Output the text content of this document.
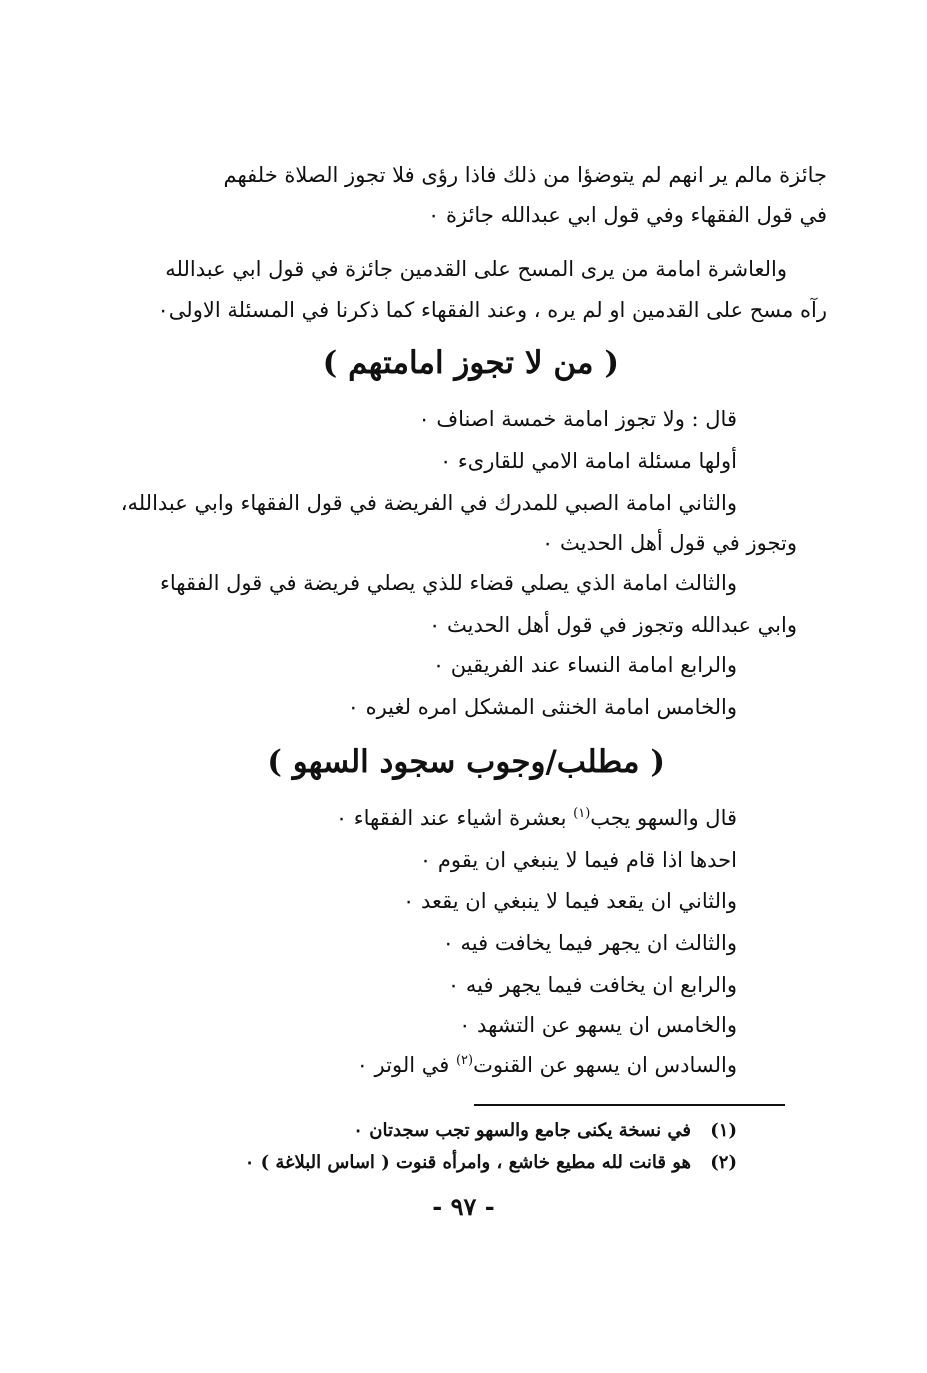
جائزة مالم ير انهم لم يتوضؤا من ذلك فاذا رؤى فلا تجوز الصلاة خلفهم
في قول الفقهاء وفي قول ابي عبدالله جائزة ٠
والعاشرة امامة من يرى المسح على القدمين جائزة في قول ابي عبدالله
رآه مسح على القدمين او لم يره ، وعند الفقهاء كما ذكرنا في المسئلة الاولى٠
( من لا تجوز امامتهم )
قال : ولا تجوز امامة خمسة اصناف ٠
أولها مسئلة امامة الامي للقارىء ٠
والثاني امامة الصبي للمدرك في الفريضة في قول الفقهاء وابي عبدالله،
وتجوز في قول أهل الحديث ٠
والثالث امامة الذي يصلي قضاء للذي يصلي فريضة في قول الفقهاء
وابي عبدالله وتجوز في قول أهل الحديث ٠
والرابع امامة النساء عند الفريقين ٠
والخامس امامة الخنثى المشكل امره لغيره ٠
( مطلب/وجوب سجود السهو )
قال والسهو يجب$^{(١)}$ بعشرة اشياء عند الفقهاء ٠
احدها اذا قام فيما لا ينبغي ان يقوم ٠
والثاني ان يقعد فيما لا ينبغي ان يقعد ٠
والثالث ان يجهر فيما يخافت فيه ٠
والرابع ان يخافت فيما يجهر فيه ٠
والخامس ان يسهو عن التشهد ٠
والسادس ان يسهو عن القنوت$^{(٢)}$ في الوتر ٠
(١)في نسخة يكنى جامع والسهو تجب سجدتان ٠
(٢)هو قانت لله مطيع خاشع ، وامرأه قنوت ( اساس البلاغة ) ٠
- ٩٧ -
